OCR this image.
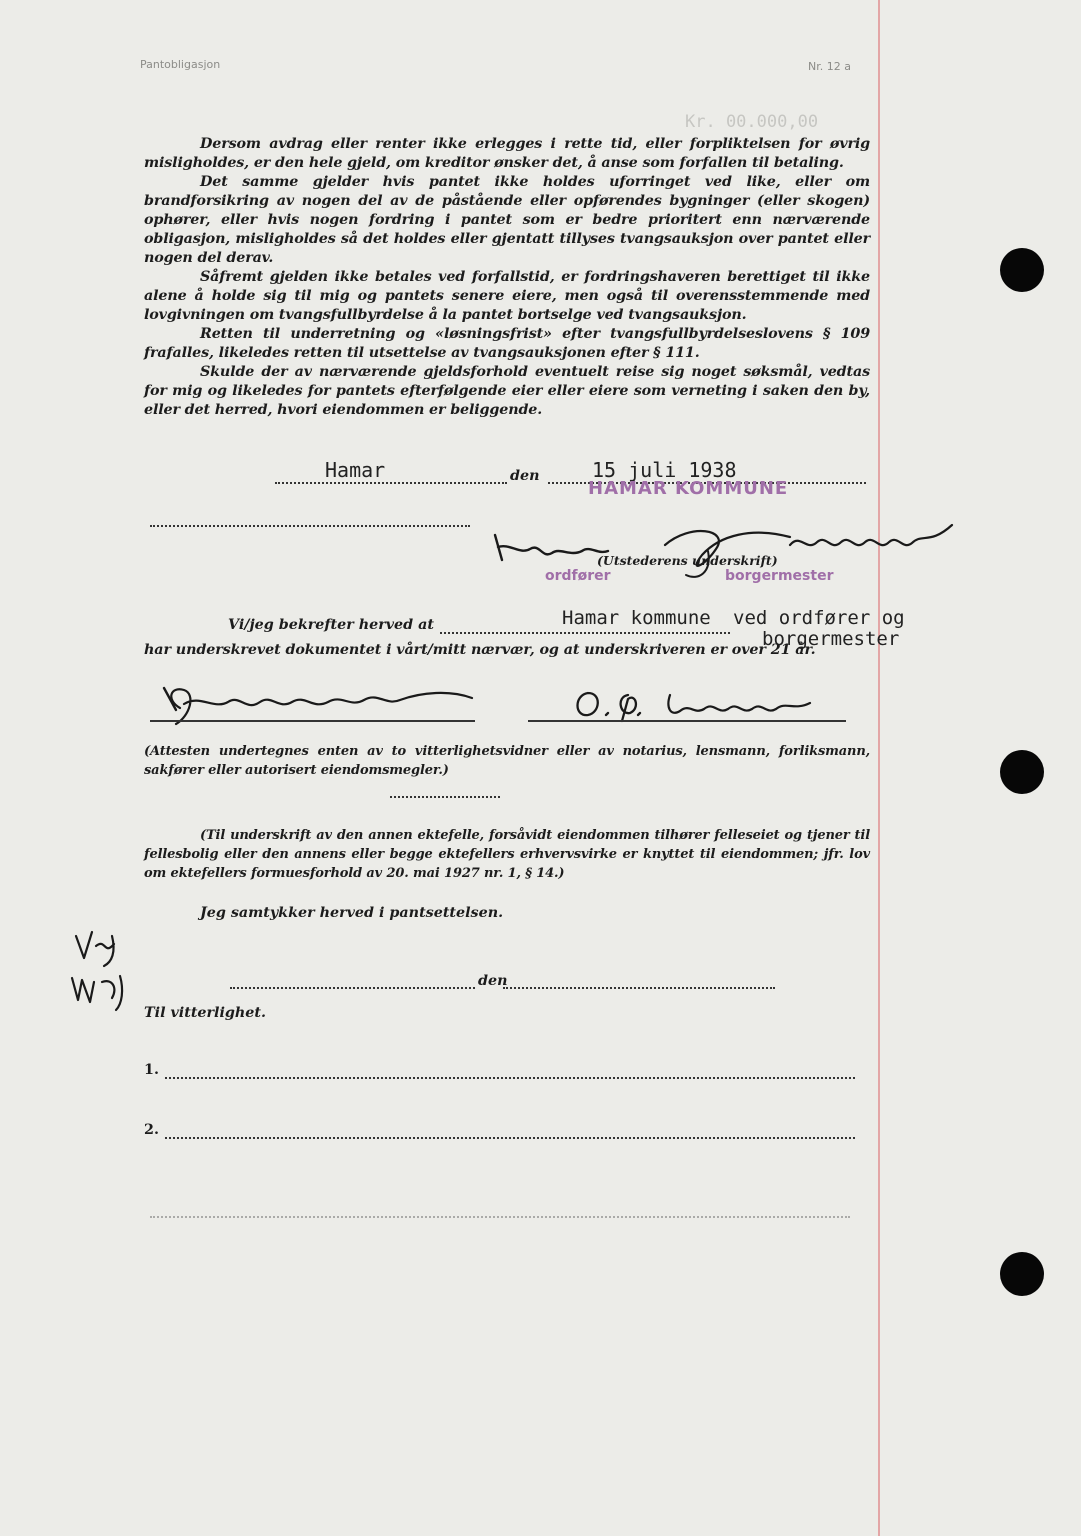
Pantobligasjon	Nr. 12 a
Kr. 00.000,00

Dersom avdrag eller renter ikke erlegges i rette tid, eller forpliktelsen for øvrig misligholdes, er den hele gjeld, om kreditor ønsker det, å anse som forfallen til betaling.

Det samme gjelder hvis pantet ikke holdes uforringet ved like, eller om brandforsikring av nogen del av de påstående eller opførendes bygninger (eller skogen) ophører, eller hvis nogen fordring i pantet som er bedre prioritert enn nærværende obligasjon, misligholdes så det holdes eller gjentatt tillyses tvangsauksjon over pantet eller nogen del derav.

Såfremt gjelden ikke betales ved forfallstid, er fordringshaveren berettiget til ikke alene å holde sig til mig og pantets senere eiere, men også til overensstemmende med lovgivningen om tvangsfullbyrdelse å la pantet bortselge ved tvangsauksjon.

Retten til underretning og «løsningsfrist» efter tvangsfullbyrdelseslovens § 109 frafalles, likeledes retten til utsettelse av tvangsauksjonen efter § 111.

Skulde der av nærværende gjeldsforhold eventuelt reise sig noget søksmål, vedtas for mig og likeledes for pantets efterfølgende eier eller eiere som verneting i saken den by, eller det herred, hvori eiendommen er beliggende.

Hamar	den	15 juli 1938
HAMAR KOMMUNE
(Utstederens underskrift)
ordfører	borgermester
Vi/jeg bekrefter herved at	Hamar kommune ved ordfører og
borgermester
har underskrevet dokumentet i vårt/mitt nærvær, og at underskriveren er over 21 år.

(Attesten undertegnes enten av to vitterlighetsvidner eller av notarius, lensmann, forliksmann, sakfører eller autorisert eiendomsmegler.)

(Til underskrift av den annen ektefelle, forsåvidt eiendommen tilhører felleseiet og tjener til fellesbolig eller den annens eller begge ektefellers erhvervsvirke er knyttet til eiendommen; jfr. lov om ektefellers formuesforhold av 20. mai 1927 nr. 1, § 14.)

Jeg samtykker herved i pantsettelsen.
den
Til vitterlighet.
1.
2.
